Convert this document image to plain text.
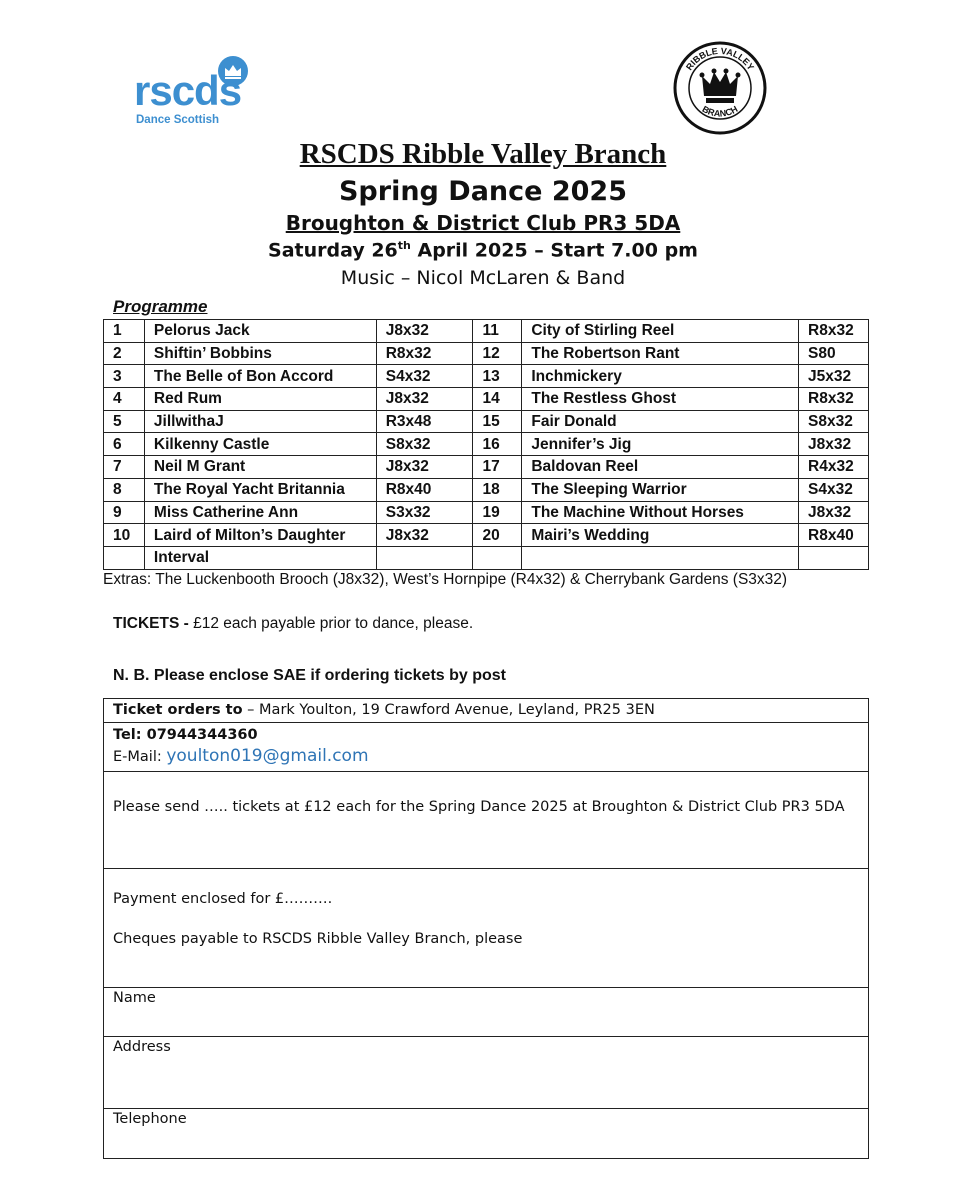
rscds
Dance Scottish
RIBBLE VALLEY
BRANCH
RSCDS Ribble Valley Branch
Spring Dance 2025
Broughton & District Club PR3 5DA
Saturday 26th April 2025 – Start 7.00 pm
Music – Nicol McLaren & Band
Programme
1	Pelorus Jack	J8x32	11	City of Stirling Reel	R8x32
2	Shiftin’ Bobbins	R8x32	12	The Robertson Rant	S80
3	The Belle of Bon Accord	S4x32	13	Inchmickery	J5x32
4	Red Rum	J8x32	14	The Restless Ghost	R8x32
5	JillwithaJ	R3x48	15	Fair Donald	S8x32
6	Kilkenny Castle	S8x32	16	Jennifer’s Jig	J8x32
7	Neil M Grant	J8x32	17	Baldovan Reel	R4x32
8	The Royal Yacht Britannia	R8x40	18	The Sleeping Warrior	S4x32
9	Miss Catherine Ann	S3x32	19	The Machine Without Horses	J8x32
10	Laird of Milton’s Daughter	J8x32	20	Mairi’s Wedding	R8x40
	Interval				
Extras: The Luckenbooth Brooch (J8x32), West’s Hornpipe (R4x32) & Cherrybank Gardens (S3x32)
TICKETS - £12 each payable prior to dance, please.
N. B. Please enclose SAE if ordering tickets by post
Ticket orders to – Mark Youlton, 19 Crawford Avenue, Leyland, PR25 3EN
Tel: 07944344360
E-Mail: youlton019@gmail.com
Please send ….. tickets at £12 each for the Spring Dance 2025 at Broughton & District Club PR3 5DA
Payment enclosed for £……….
Cheques payable to RSCDS Ribble Valley Branch, please
Name
Address
Telephone
